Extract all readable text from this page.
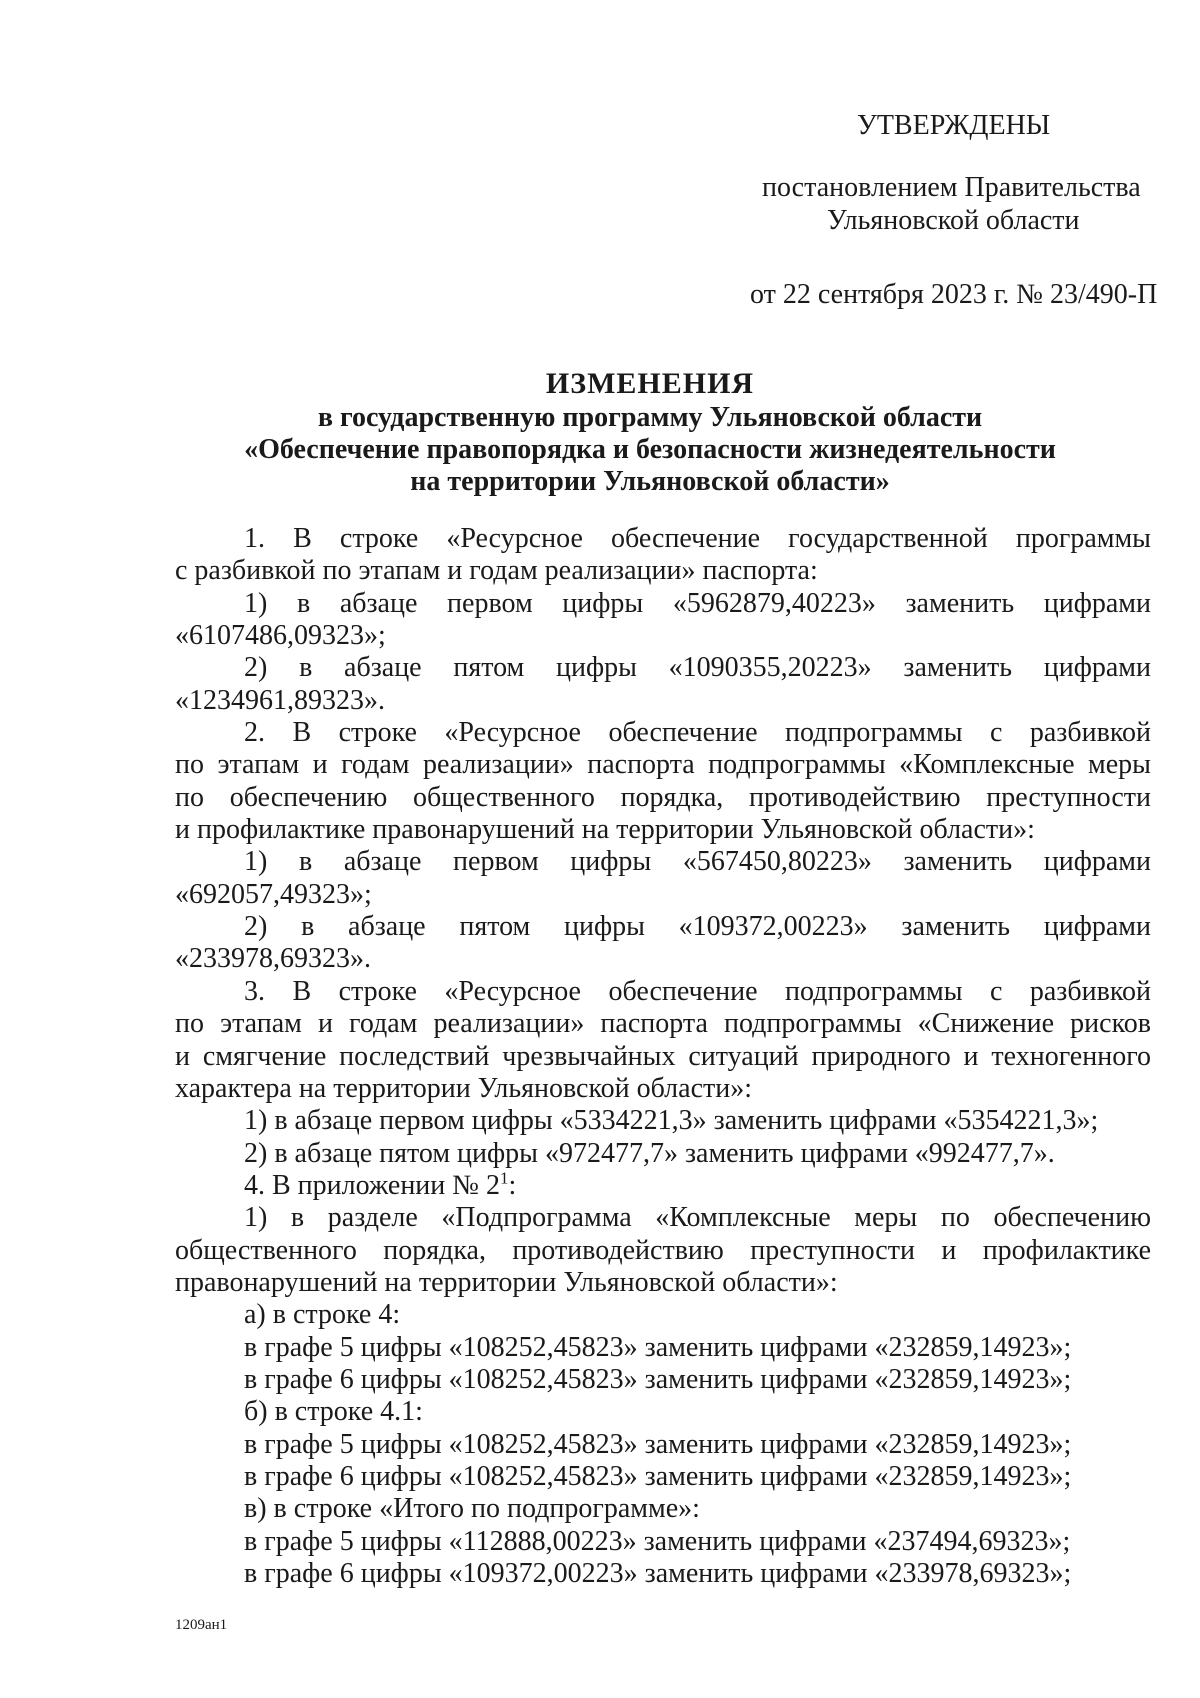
УТВЕРЖДЕНЫ
постановлением Правительства
Ульяновской области
от 22 сентября 2023 г. № 23/490-П
ИЗМЕНЕНИЯ
в государственную программу Ульяновской области
«Обеспечение правопорядка и безопасности жизнедеятельности
на территории Ульяновской области»
1. В строке «Ресурсное обеспечение государственной программы
с разбивкой по этапам и годам реализации» паспорта:
1) в абзаце первом цифры «5962879,40223» заменить цифрами
«6107486,09323»;
2) в абзаце пятом цифры «1090355,20223» заменить цифрами
«1234961,89323».
2. В строке «Ресурсное обеспечение подпрограммы с разбивкой
по этапам и годам реализации» паспорта подпрограммы «Комплексные меры
по обеспечению общественного порядка, противодействию преступности
и профилактике правонарушений на территории Ульяновской области»:
1) в абзаце первом цифры «567450,80223» заменить цифрами
«692057,49323»;
2) в абзаце пятом цифры «109372,00223» заменить цифрами
«233978,69323».
3. В строке «Ресурсное обеспечение подпрограммы с разбивкой
по этапам и годам реализации» паспорта подпрограммы «Снижение рисков
и смягчение последствий чрезвычайных ситуаций природного и техногенного
характера на территории Ульяновской области»:
1) в абзаце первом цифры «5334221,3» заменить цифрами «5354221,3»;
2) в абзаце пятом цифры «972477,7» заменить цифрами «992477,7».
4. В приложении № $2^1$:
1) в разделе «Подпрограмма «Комплексные меры по обеспечению
общественного порядка, противодействию преступности и профилактике
правонарушений на территории Ульяновской области»:
а) в строке 4:
в графе 5 цифры «108252,45823» заменить цифрами «232859,14923»;
в графе 6 цифры «108252,45823» заменить цифрами «232859,14923»;
б) в строке 4.1:
в графе 5 цифры «108252,45823» заменить цифрами «232859,14923»;
в графе 6 цифры «108252,45823» заменить цифрами «232859,14923»;
в) в строке «Итого по подпрограмме»:
в графе 5 цифры «112888,00223» заменить цифрами «237494,69323»;
в графе 6 цифры «109372,00223» заменить цифрами «233978,69323»;
1209ан1
